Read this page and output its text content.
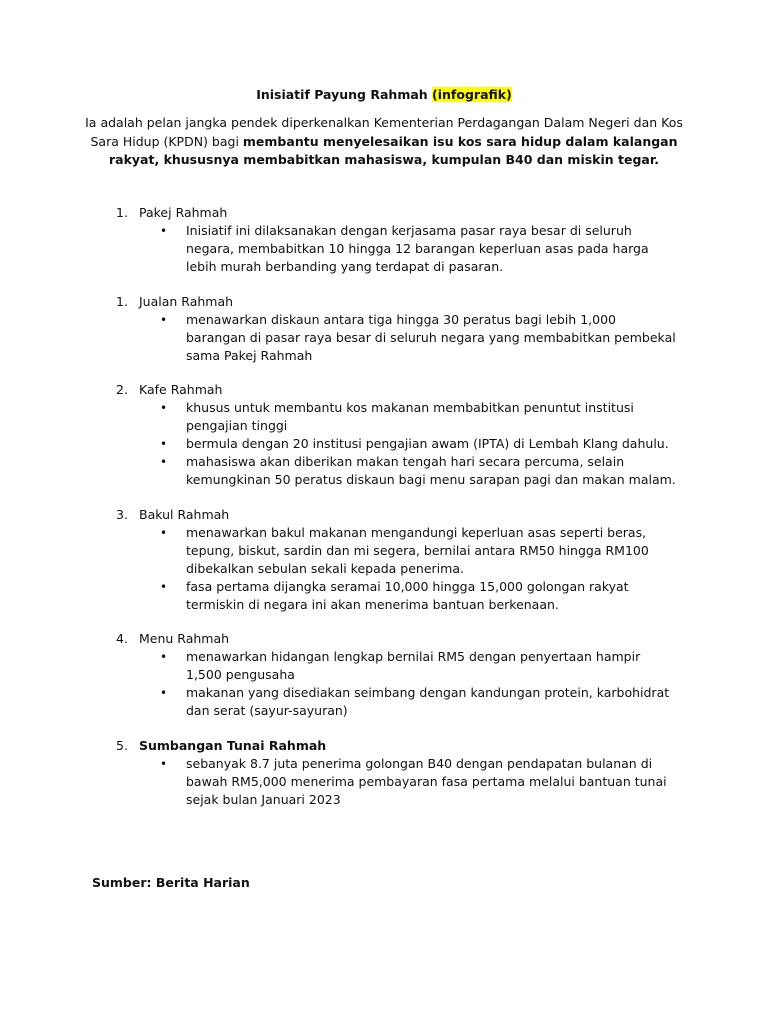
Inisiatif Payung Rahmah (infografik)
Ia adalah pelan jangka pendek diperkenalkan Kementerian Perdagangan Dalam Negeri dan Kos Sara Hidup (KPDN) bagi membantu menyelesaikan isu kos sara hidup dalam kalangan rakyat, khususnya membabitkan mahasiswa, kumpulan B40 dan miskin tegar.
1. Pakej Rahmah
• Inisiatif ini dilaksanakan dengan kerjasama pasar raya besar di seluruh negara, membabitkan 10 hingga 12 barangan keperluan asas pada harga lebih murah berbanding yang terdapat di pasaran.
1. Jualan Rahmah
• menawarkan diskaun antara tiga hingga 30 peratus bagi lebih 1,000 barangan di pasar raya besar di seluruh negara yang membabitkan pembekal sama Pakej Rahmah
2. Kafe Rahmah
• khusus untuk membantu kos makanan membabitkan penuntut institusi pengajian tinggi
• bermula dengan 20 institusi pengajian awam (IPTA) di Lembah Klang dahulu.
• mahasiswa akan diberikan makan tengah hari secara percuma, selain kemungkinan 50 peratus diskaun bagi menu sarapan pagi dan makan malam.
3. Bakul Rahmah
• menawarkan bakul makanan mengandungi keperluan asas seperti beras, tepung, biskut, sardin dan mi segera, bernilai antara RM50 hingga RM100 dibekalkan sebulan sekali kepada penerima.
• fasa pertama dijangka seramai 10,000 hingga 15,000 golongan rakyat termiskin di negara ini akan menerima bantuan berkenaan.
4. Menu Rahmah
• menawarkan hidangan lengkap bernilai RM5 dengan penyertaan hampir 1,500 pengusaha
• makanan yang disediakan seimbang dengan kandungan protein, karbohidrat dan serat (sayur-sayuran)
5. Sumbangan Tunai Rahmah
• sebanyak 8.7 juta penerima golongan B40 dengan pendapatan bulanan di bawah RM5,000 menerima pembayaran fasa pertama melalui bantuan tunai sejak bulan Januari 2023
Sumber: Berita Harian
